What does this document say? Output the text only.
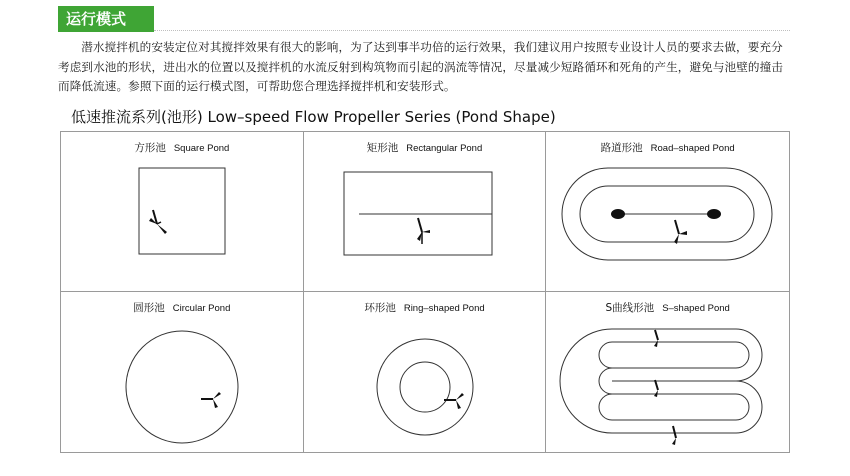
运行模式

潜水搅拌机的安装定位对其搅拌效果有很大的影响，为了达到事半功倍的运行效果，我们建议用户按照专业设计人员的要求去做，要充分考虑到水池的形状，进出水的位置以及搅拌机的水流反射到构筑物而引起的涡流等情况，尽量减少短路循环和死角的产生，避免与池壁的撞击而降低流速。参照下面的运行模式图，可帮助您合理选择搅拌机和安装形式。

低速推流系列(池形) Low–speed Flow Propeller Series (Pond Shape)
方形池 Square Pond	矩形池 Rectangular Pond	路道形池 Road–shaped Pond
圆形池 Circular Pond	环形池 Ring–shaped Pond	S曲线形池 S–shaped Pond
